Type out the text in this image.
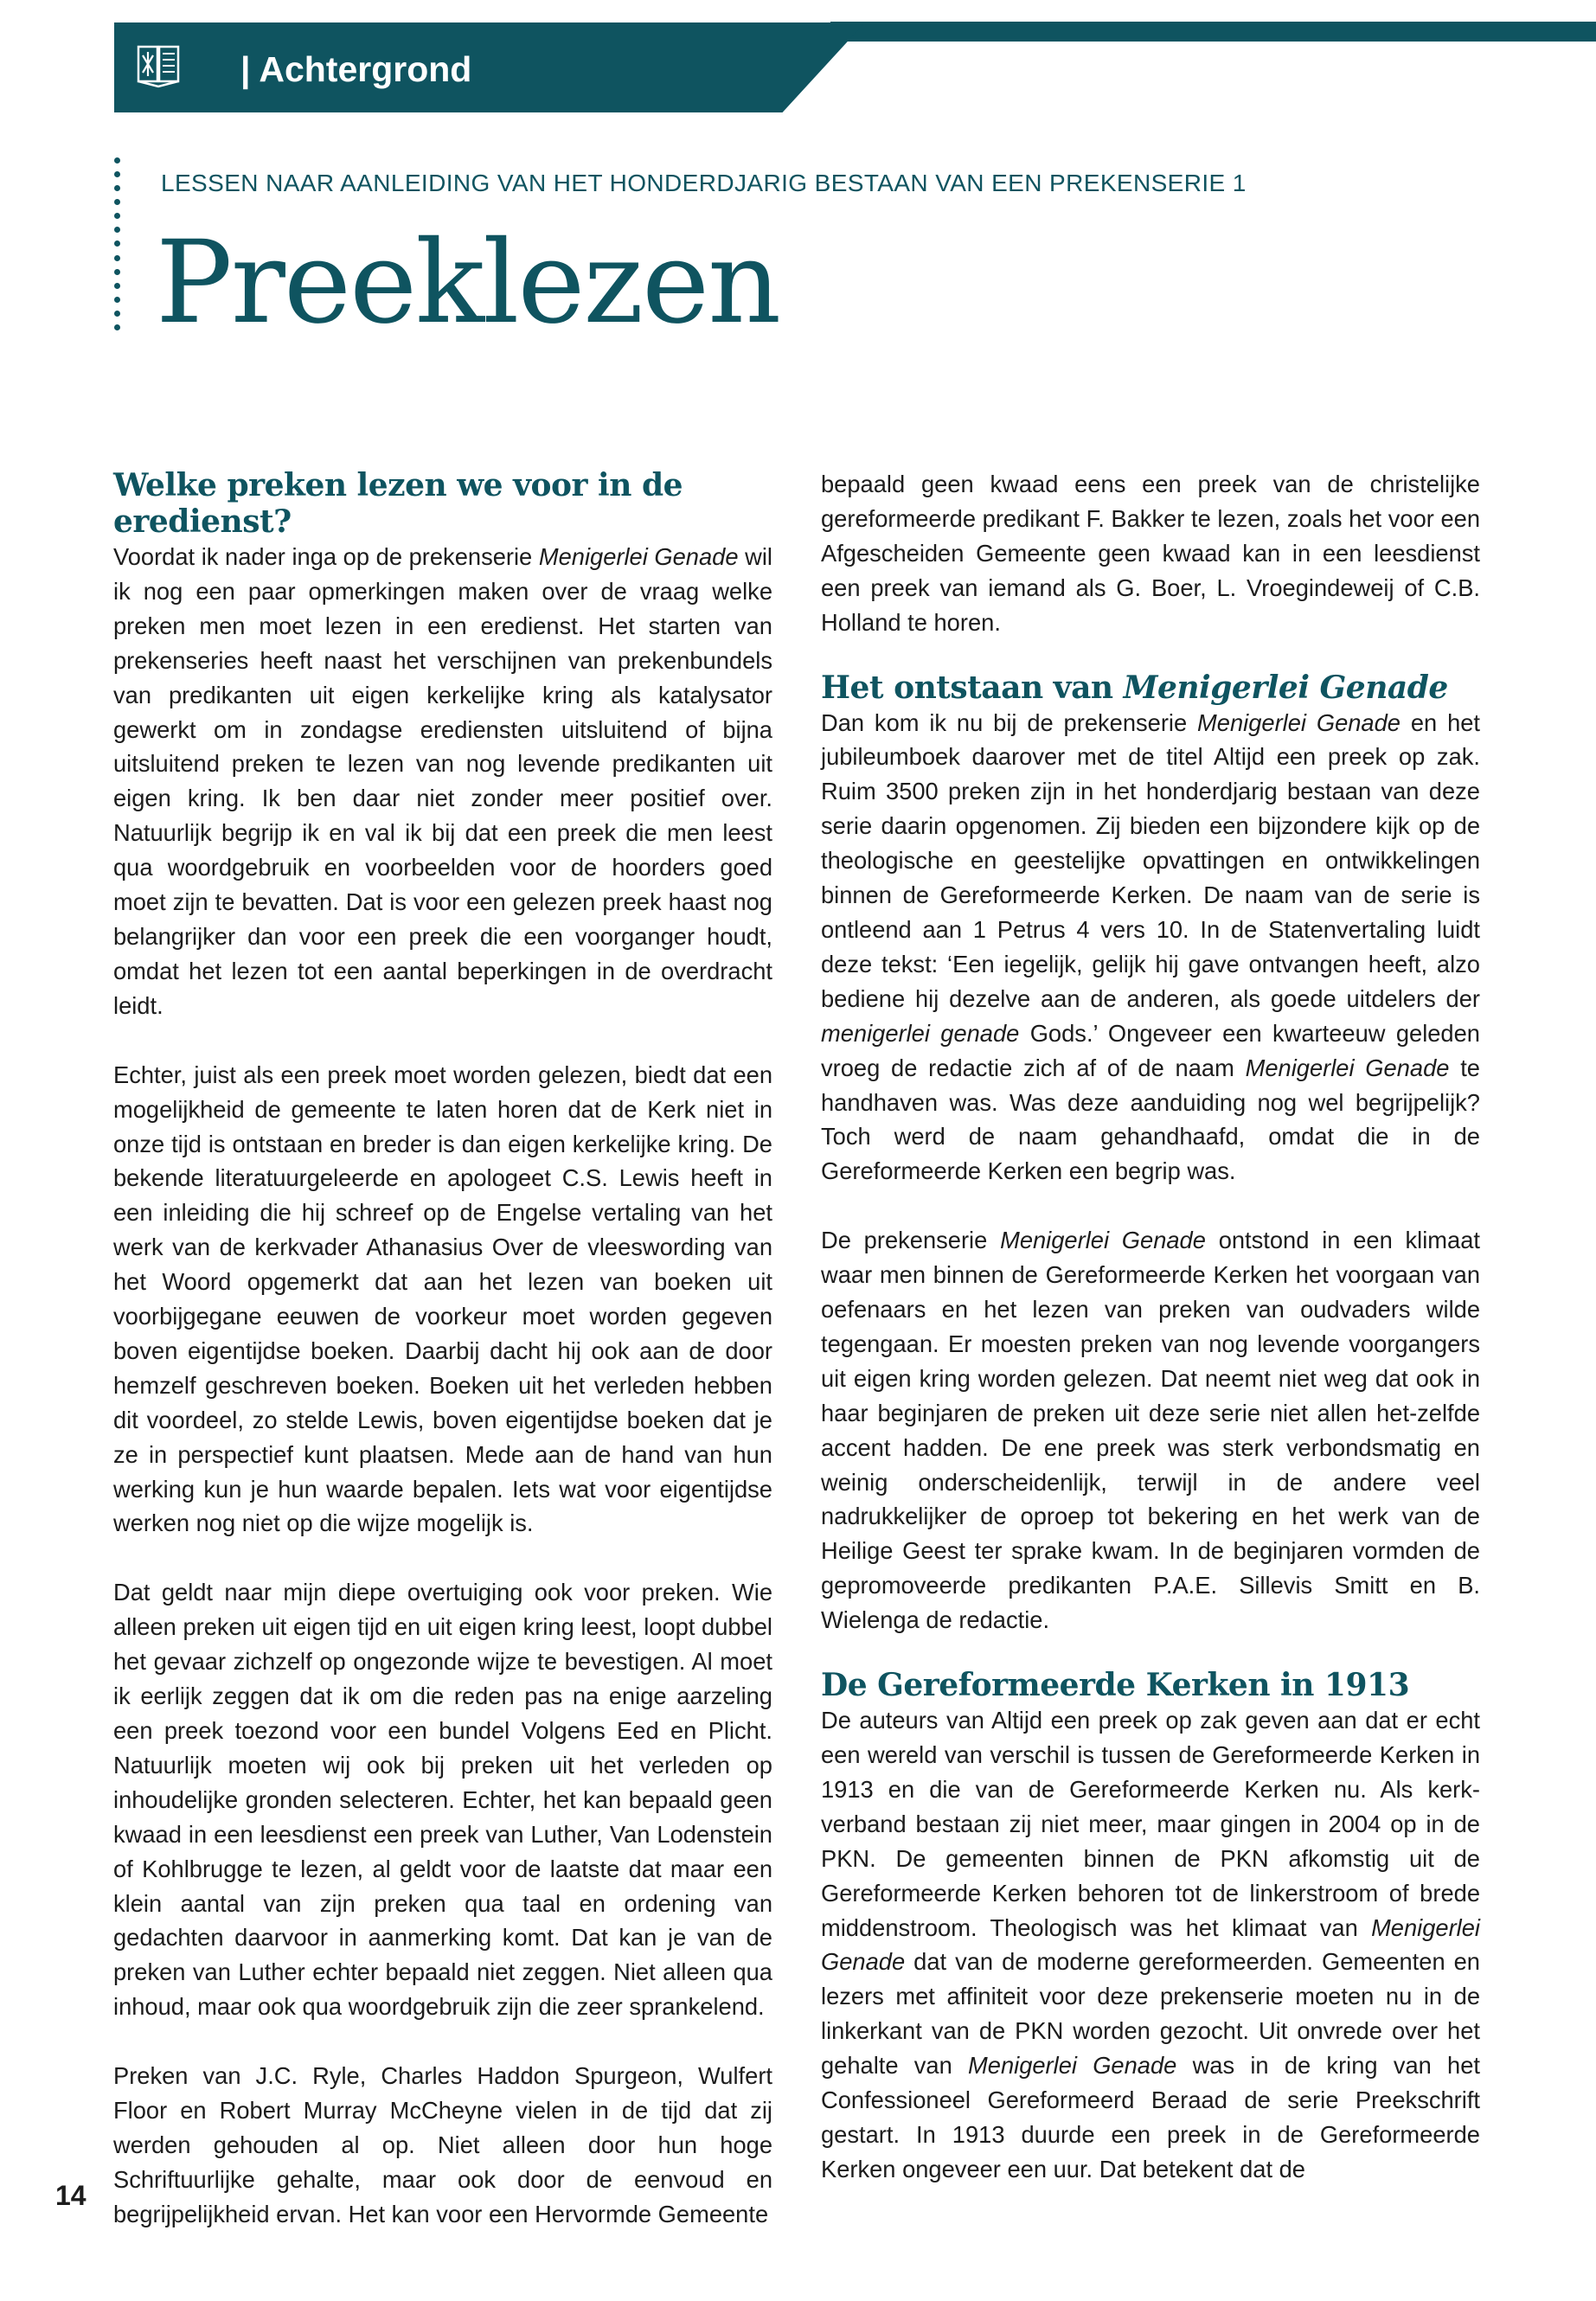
| Achtergrond
LESSEN NAAR AANLEIDING VAN HET HONDERDJARIG BESTAAN VAN EEN PREKENSERIE 1
Preeklezen
Welke preken lezen we voor in de eredienst?

Voordat ik nader inga op de prekenserie Menigerlei Genade wil ik nog een paar opmerkingen maken over de vraag welke preken men moet lezen in een eredienst. Het starten van prekenseries heeft naast het verschijnen van prekenbundels van predikanten uit eigen kerkelijke kring als katalysator gewerkt om in zondagse erediensten uitsluitend of bijna uitsluitend preken te lezen van nog levende predikanten uit eigen kring. Ik ben daar niet zonder meer positief over. Natuurlijk begrijp ik en val ik bij dat een preek die men leest qua woordgebruik en voorbeelden voor de hoorders goed moet zijn te bevatten. Dat is voor een gelezen preek haast nog belangrijker dan voor een preek die een voorganger houdt, omdat het lezen tot een aantal beperkingen in de overdracht leidt.

Echter, juist als een preek moet worden gelezen, biedt dat een mogelijkheid de gemeente te laten horen dat de Kerk niet in onze tijd is ontstaan en breder is dan eigen kerkelijke kring. De bekende literatuurgeleerde en apologeet C.S. Lewis heeft in een inleiding die hij schreef op de Engelse vertaling van het werk van de kerkvader Athanasius Over de vleeswording van het Woord opgemerkt dat aan het lezen van boeken uit voorbijgegane eeuwen de voorkeur moet worden gegeven boven eigentijdse boeken. Daarbij dacht hij ook aan de door hemzelf geschreven boeken. Boeken uit het verleden hebben dit voordeel, zo stelde Lewis, boven eigentijdse boeken dat je ze in perspectief kunt plaatsen. Mede aan de hand van hun werking kun je hun waarde bepalen. Iets wat voor eigentijdse werken nog niet op die wijze mogelijk is.

Dat geldt naar mijn diepe overtuiging ook voor preken. Wie alleen preken uit eigen tijd en uit eigen kring leest, loopt dubbel het gevaar zichzelf op ongezonde wijze te bevestigen. Al moet ik eerlijk zeggen dat ik om die reden pas na enige aarzeling een preek toezond voor een bundel Volgens Eed en Plicht. Natuurlijk moeten wij ook bij preken uit het verleden op inhoudelijke gronden selecteren. Echter, het kan bepaald geen kwaad in een leesdienst een preek van Luther, Van Lodenstein of Kohlbrugge te lezen, al geldt voor de laatste dat maar een klein aantal van zijn preken qua taal en ordening van gedachten daarvoor in aanmerking komt. Dat kan je van de preken van Luther echter bepaald niet zeggen. Niet alleen qua inhoud, maar ook qua woordgebruik zijn die zeer sprankelend.

Preken van J.C. Ryle, Charles Haddon Spurgeon, Wulfert Floor en Robert Murray McCheyne vielen in de tijd dat zij werden gehouden al op. Niet alleen door hun hoge Schriftuurlijke gehalte, maar ook door de eenvoud en begrijpelijkheid ervan. Het kan voor een Hervormde Gemeente

bepaald geen kwaad eens een preek van de christelijke gereformeerde predikant F. Bakker te lezen, zoals het voor een Afgescheiden Gemeente geen kwaad kan in een leesdienst een preek van iemand als G. Boer, L. Vroegindeweij of C.B. Holland te horen.

Het ontstaan van Menigerlei Genade

Dan kom ik nu bij de prekenserie Menigerlei Genade en het jubileumboek daarover met de titel Altijd een preek op zak. Ruim 3500 preken zijn in het honderdjarig bestaan van deze serie daarin opgenomen. Zij bieden een bijzondere kijk op de theologische en geestelijke opvattingen en ontwikkelingen binnen de Gereformeerde Kerken. De naam van de serie is ontleend aan 1 Petrus 4 vers 10. In de Statenvertaling luidt deze tekst: ‘Een iegelijk, gelijk hij gave ontvangen heeft, alzo bediene hij dezelve aan de anderen, als goede uitdelers der menigerlei genade Gods.’ Ongeveer een kwarteeuw geleden vroeg de redactie zich af of de naam Menigerlei Genade te handhaven was. Was deze aanduiding nog wel begrijpelijk? Toch werd de naam gehandhaafd, omdat die in de Gereformeerde Kerken een begrip was.

De prekenserie Menigerlei Genade ontstond in een klimaat waar men binnen de Gereformeerde Kerken het voorgaan van oefenaars en het lezen van preken van oudvaders wilde tegengaan. Er moesten preken van nog levende voorgangers uit eigen kring worden gelezen. Dat neemt niet weg dat ook in haar beginjaren de preken uit deze serie niet allen het-zelfde accent hadden. De ene preek was sterk verbondsmatig en weinig onderscheidenlijk, terwijl in de andere veel nadrukkelijker de oproep tot bekering en het werk van de Heilige Geest ter sprake kwam. In de beginjaren vormden de gepromoveerde predikanten P.A.E. Sillevis Smitt en B. Wielenga de redactie.

De Gereformeerde Kerken in 1913

De auteurs van Altijd een preek op zak geven aan dat er echt een wereld van verschil is tussen de Gereformeerde Kerken in 1913 en die van de Gereformeerde Kerken nu. Als kerk-verband bestaan zij niet meer, maar gingen in 2004 op in de PKN. De gemeenten binnen de PKN afkomstig uit de Gereformeerde Kerken behoren tot de linkerstroom of brede middenstroom. Theologisch was het klimaat van Menigerlei Genade dat van de moderne gereformeerden. Gemeenten en lezers met affiniteit voor deze prekenserie moeten nu in de linkerkant van de PKN worden gezocht. Uit onvrede over het gehalte van Menigerlei Genade was in de kring van het Confessioneel Gereformeerd Beraad de serie Preekschrift gestart. In 1913 duurde een preek in de Gereformeerde Kerken ongeveer een uur. Dat betekent dat de

14
